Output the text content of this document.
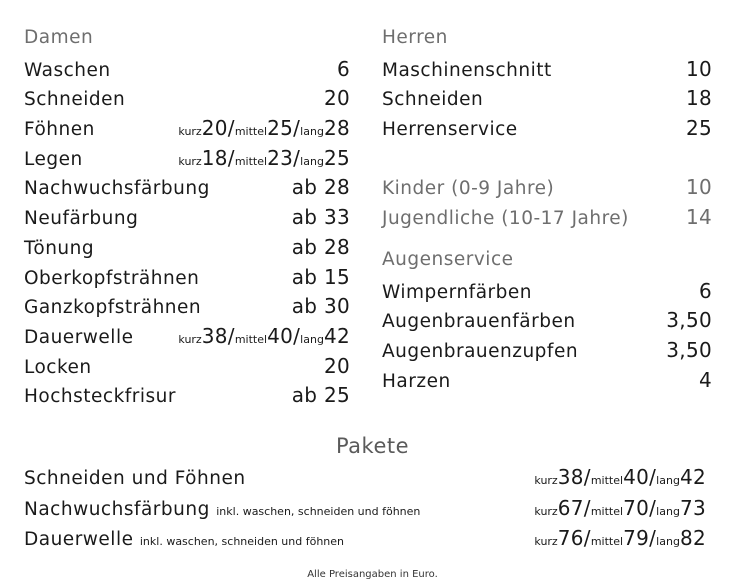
Damen
Waschen	6
Schneiden	20
Föhnen	kurz20/mittel25/lang28
Legen	kurz18/mittel23/lang25
Nachwuchsfärbung	ab 28
Neufärbung	ab 33
Tönung	ab 28
Oberkopfsträhnen	ab 15
Ganzkopfsträhnen	ab 30
Dauerwelle	kurz38/mittel40/lang42
Locken	20
Hochsteckfrisur	ab 25
Herren
Maschinenschnitt	10
Schneiden	18
Herrenservice	25
Kinder (0-9 Jahre)	10
Jugendliche (10-17 Jahre)	14
Augenservice
Wimpernfärben	6
Augenbrauenfärben	3,50
Augenbrauenzupfen	3,50
Harzen	4
Pakete
Schneiden und Föhnen	kurz38/mittel40/lang42
Nachwuchsfärbung inkl. waschen, schneiden und föhnen	kurz67/mittel70/lang73
Dauerwelle inkl. waschen, schneiden und föhnen	kurz76/mittel79/lang82
Alle Preisangaben in Euro.
